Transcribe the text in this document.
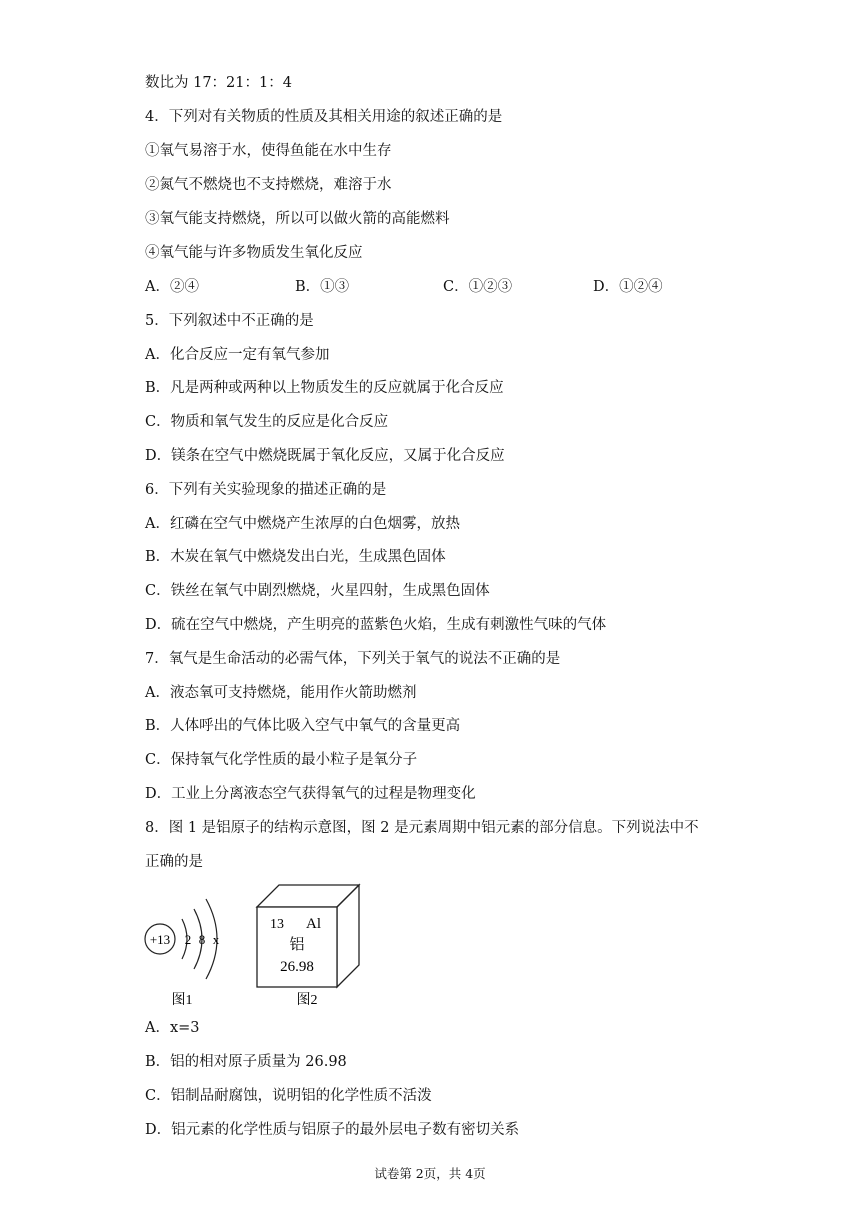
数比为 17：21：1：4
4．下列对有关物质的性质及其相关用途的叙述正确的是
①氧气易溶于水，使得鱼能在水中生存
②氮气不燃烧也不支持燃烧，难溶于水
③氧气能支持燃烧，所以可以做火箭的高能燃料
④氧气能与许多物质发生氧化反应
A．②④	B．①③	C．①②③	D．①②④
5．下列叙述中不正确的是
A．化合反应一定有氧气参加
B．凡是两种或两种以上物质发生的反应就属于化合反应
C．物质和氧气发生的反应是化合反应
D．镁条在空气中燃烧既属于氧化反应，又属于化合反应
6．下列有关实验现象的描述正确的是
A．红磷在空气中燃烧产生浓厚的白色烟雾，放热
B．木炭在氧气中燃烧发出白光，生成黑色固体
C．铁丝在氧气中剧烈燃烧，火星四射，生成黑色固体
D．硫在空气中燃烧，产生明亮的蓝紫色火焰，生成有刺激性气味的气体
7．氧气是生命活动的必需气体，下列关于氧气的说法不正确的是
A．液态氧可支持燃烧，能用作火箭助燃剂
B．人体呼出的气体比吸入空气中氧气的含量更高
C．保持氧气化学性质的最小粒子是氧分子
D．工业上分离液态空气获得氧气的过程是物理变化
8．图 1 是铝原子的结构示意图，图 2 是元素周期中铝元素的部分信息。下列说法中不
正确的是
+13 2 8 x
图1
13 Al
铝
26.98
图2
A．x=3
B．铝的相对原子质量为 26.98
C．铝制品耐腐蚀，说明铝的化学性质不活泼
D．铝元素的化学性质与铝原子的最外层电子数有密切关系
试卷第 2页，共 4页
